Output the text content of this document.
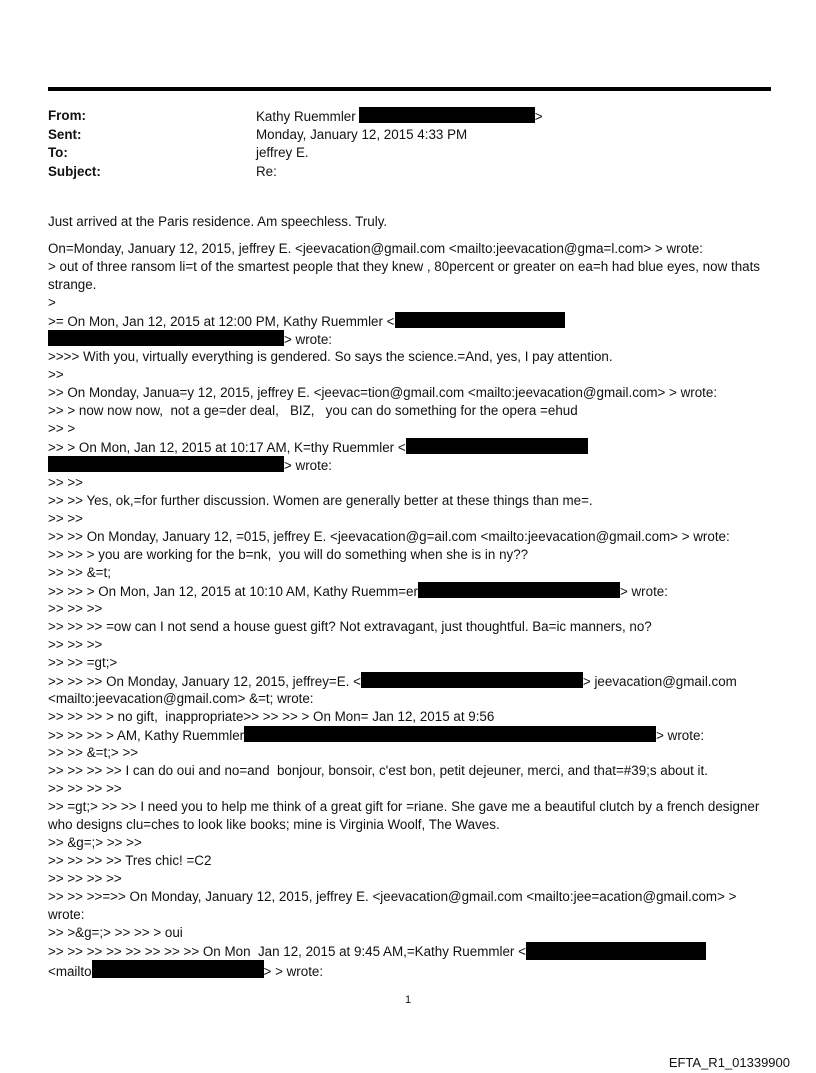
From:	Kathy Ruemmler	>
Sent:	Monday, January 12, 2015 4:33 PM
To:	jeffrey E.
Subject:	Re:
Just arrived at the Paris residence. Am speechless. Truly.
On=Monday, January 12, 2015, jeffrey E. <jeevacation@gmail.com <mailto:jeevacation@gma=l.com> > wrote:
> out of three ransom li=t of the smartest people that they knew , 80percent or greater on ea=h had blue eyes, now thats strange.
>
>= On Mon, Jan 12, 2015 at 12:00 PM, Kathy Ruemmler <
> wrote:
>>>> With you, virtually everything is gendered. So says the science.=And, yes, I pay attention.
>>
>> On Monday, Janua=y 12, 2015, jeffrey E. <jeevac=tion@gmail.com <mailto:jeevacation@gmail.com> > wrote:
>> > now now now,  not a ge=der deal,   BIZ,   you can do something for the opera =ehud
>> >
>> > On Mon, Jan 12, 2015 at 10:17 AM, K=thy Ruemmler <
> wrote:
>> >>
>> >> Yes, ok,=for further discussion. Women are generally better at these things than me=.
>> >>
>> >> On Monday, January 12, =015, jeffrey E. <jeevacation@g=ail.com <mailto:jeevacation@gmail.com> > wrote:
>> >> > you are working for the b=nk,  you will do something when she is in ny??
>> >> &=t;
>> >> > On Mon, Jan 12, 2015 at 10:10 AM, Kathy Ruemm=er	> wrote:
>> >> >>
>> >> >> =ow can I not send a house guest gift? Not extravagant, just thoughtful. Ba=ic manners, no?
>> >> >>
>> >> =gt;>
>> >> >> On Monday, January 12, 2015, jeffrey=E. <	> jeevacation@gmail.com
<mailto:jeevacation@gmail.com> &=t; wrote:
>> >> >> > no gift,  inappropriate>> >> >> > On Mon= Jan 12, 2015 at 9:56
>> >> >> > AM, Kathy Ruemmler	> wrote:
>> >> &=t;> >>
>> >> >> >> I can do oui and no=and  bonjour, bonsoir, c'est bon, petit dejeuner, merci, and that=#39;s about it.
>> >> >> >>
>> =gt;> >> >> I need you to help me think of a great gift for =riane. She gave me a beautiful clutch by a french designer who designs clu=ches to look like books; mine is Virginia Woolf, The Waves.
>> &g=;> >> >>
>> >> >> >> Tres chic! =C2
>> >> >> >>
>> >> >>=>> On Monday, January 12, 2015, jeffrey E. <jeevacation@gmail.com <mailto:jee=acation@gmail.com> > wrote:
>> >&g=;> >> >> > oui
>> >> >> >> >> >> >> >> On Mon  Jan 12, 2015 at 9:45 AM,=Kathy Ruemmler <
<mailto	> > wrote:
1
EFTA_R1_01339900
